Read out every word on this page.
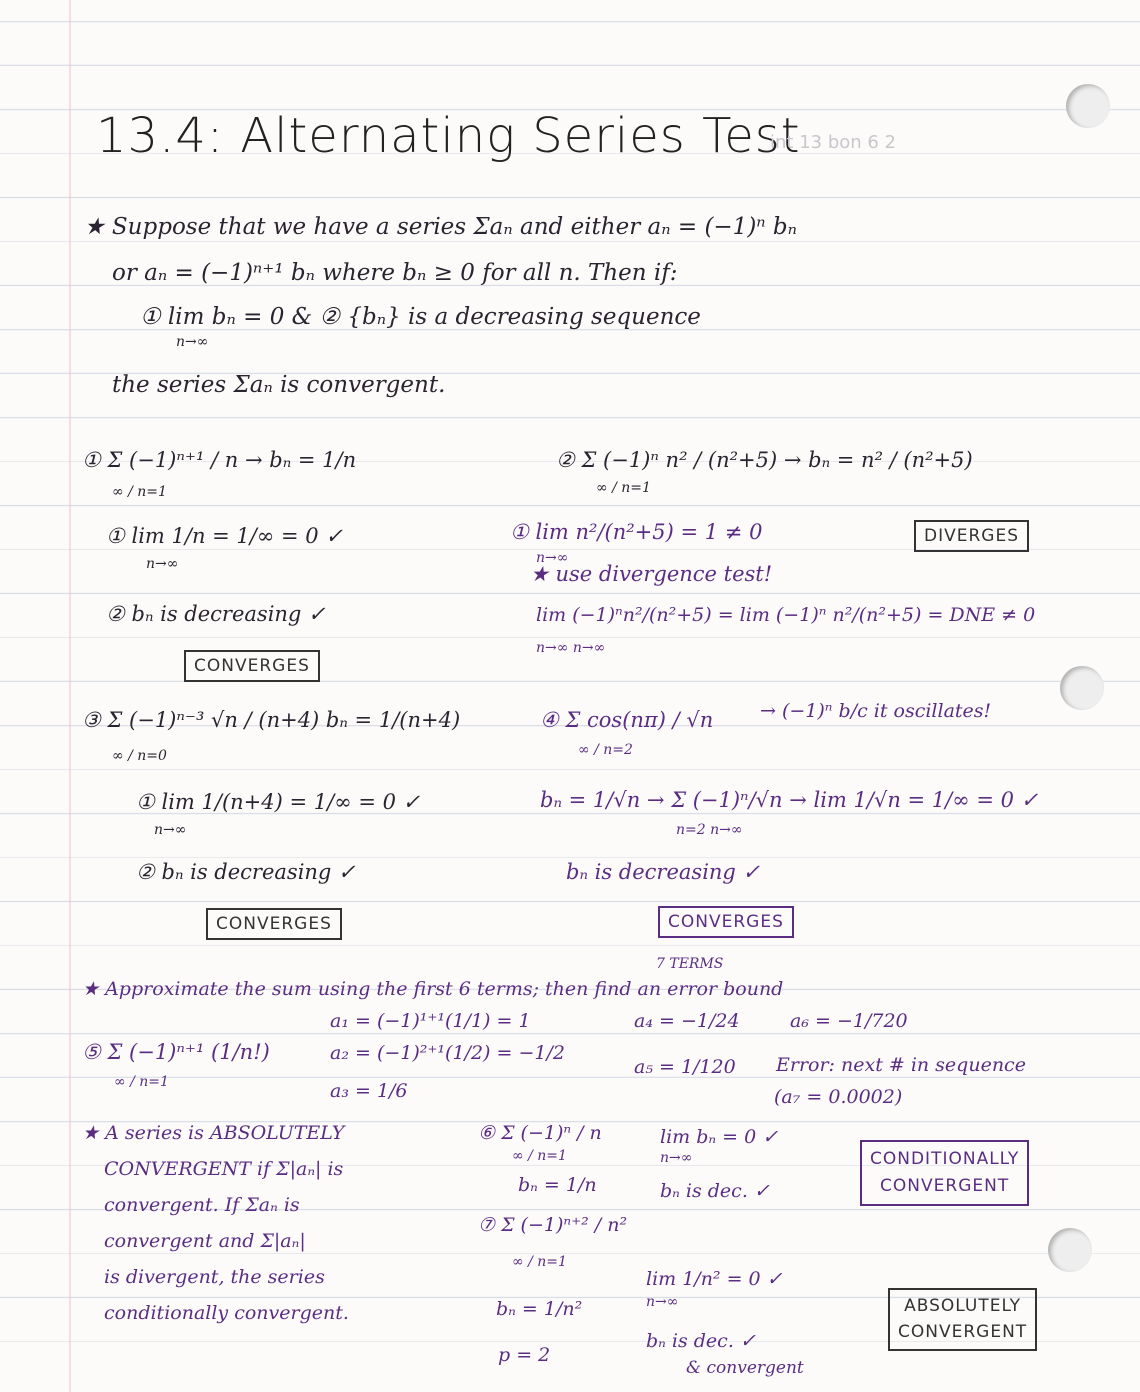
13.4: Alternating Series Test
int 13 bon 6 2
★ Suppose that we have a series Σaₙ and either aₙ = (−1)ⁿ bₙ
or aₙ = (−1)ⁿ⁺¹ bₙ where bₙ ≥ 0 for all n. Then if:
① lim bₙ = 0 & ② {bₙ} is a decreasing sequence
n→∞
the series Σaₙ is convergent.
① Σ (−1)ⁿ⁺¹ / n → bₙ = 1/n
∞ / n=1
① lim 1/n = 1/∞ = 0 ✓
n→∞
② bₙ is decreasing ✓
CONVERGES
② Σ (−1)ⁿ n² / (n²+5) → bₙ = n² / (n²+5)
∞ / n=1
① lim n²/(n²+5) = 1 ≠ 0
n→∞
DIVERGES
★ use divergence test!
lim (−1)ⁿn²/(n²+5) = lim (−1)ⁿ n²/(n²+5) = DNE ≠ 0
n→∞ n→∞
③ Σ (−1)ⁿ⁻³ √n / (n+4) bₙ = 1/(n+4)
∞ / n=0
① lim 1/(n+4) = 1/∞ = 0 ✓
n→∞
② bₙ is decreasing ✓
CONVERGES
④ Σ cos(nπ) / √n
∞ / n=2
→ (−1)ⁿ b/c it oscillates!
bₙ = 1/√n → Σ (−1)ⁿ/√n → lim 1/√n = 1/∞ = 0 ✓
n=2 n→∞
bₙ is decreasing ✓
CONVERGES
7 TERMS
★ Approximate the sum using the first 6 terms; then find an error bound
⑤ Σ (−1)ⁿ⁺¹ (1/n!)
∞ / n=1
a₁ = (−1)¹⁺¹(1/1) = 1
a₂ = (−1)²⁺¹(1/2) = −1/2
a₃ = 1/6
a₄ = −1/24
a₅ = 1/120
a₆ = −1/720
Error: next # in sequence
(a₇ = 0.0002)
★ A series is ABSOLUTELY
CONVERGENT if Σ|aₙ| is
convergent. If Σaₙ is
convergent and Σ|aₙ|
is divergent, the series
conditionally convergent.
⑥ Σ (−1)ⁿ / n
∞ / n=1
bₙ = 1/n
lim bₙ = 0 ✓
n→∞
bₙ is dec. ✓
CONDITIONALLY
CONVERGENT
⑦ Σ (−1)ⁿ⁺² / n²
∞ / n=1
bₙ = 1/n²
p = 2
lim 1/n² = 0 ✓
n→∞
bₙ is dec. ✓
& convergent
ABSOLUTELY
CONVERGENT
